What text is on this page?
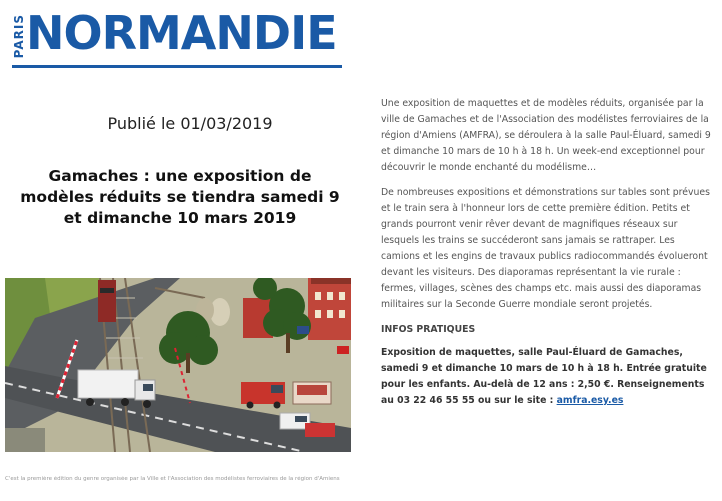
PARIS NORMANDIE
Publié le 01/03/2019
Gamaches : une exposition de modèles réduits se tiendra samedi 9 et dimanche 10 mars 2019
C'est la première édition du genre organisée par la Ville et l'Association des modélistes ferroviaires de la région d'Amiens

Une exposition de maquettes et de modèles réduits, organisée par la ville de Gamaches et de l'Association des modélistes ferroviaires de la région d'Amiens (AMFRA), se déroulera à la salle Paul-Éluard, samedi 9 et dimanche 10 mars de 10 h à 18 h. Un week-end exceptionnel pour découvrir le monde enchanté du modélisme…

De nombreuses expositions et démonstrations sur tables sont prévues et le train sera à l'honneur lors de cette première édition. Petits et grands pourront venir rêver devant de magnifiques réseaux sur lesquels les trains se succéderont sans jamais se rattraper. Les camions et les engins de travaux publics radiocommandés évolueront devant les visiteurs. Des diaporamas représentant la vie rurale : fermes, villages, scènes des champs etc. mais aussi des diaporamas militaires sur la Seconde Guerre mondiale seront projetés.

INFOS PRATIQUES
Exposition de maquettes, salle Paul-Éluard de Gamaches, samedi 9 et dimanche 10 mars de 10 h à 18 h. Entrée gratuite pour les enfants. Au-delà de 12 ans : 2,50 €. Renseignements au 03 22 46 55 55 ou sur le site : amfra.esy.es
